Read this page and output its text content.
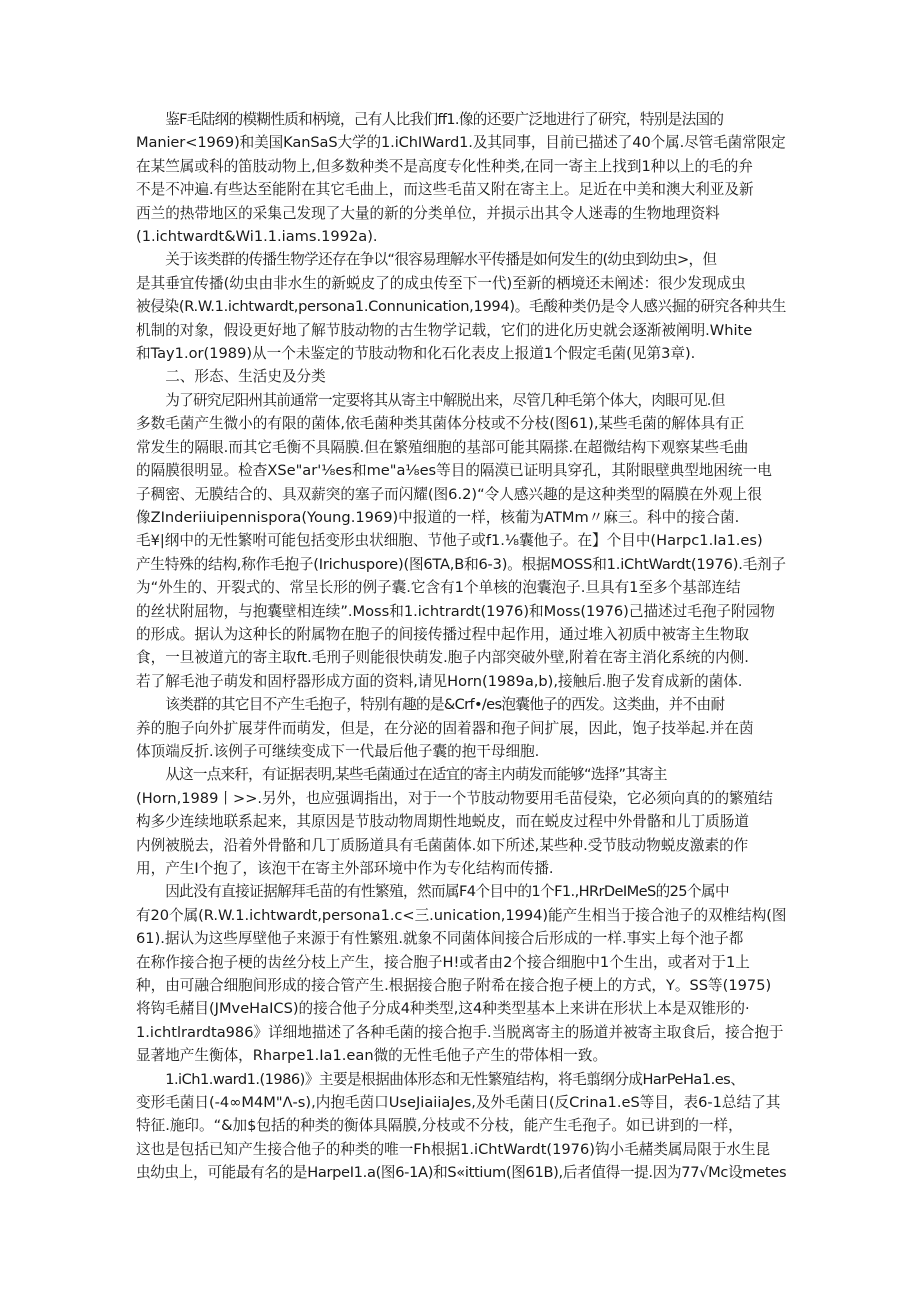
鉴F毛陆纲的模糊性质和柄境，己有人比我们ff1.像的还要广泛地进行了研究，特别是法国的
Manier<1969)和美国KanSaS大学的1.iChIWard1.及其同事，目前已描述了40个属.尽管毛菌常限定
在某竺属或科的笛肢动物上,但多数种类不是高度专化性种类,在同一寄主上找到1种以上的毛的弁
不是不冲遍.有些达至能附在其它毛曲上，而这些毛苗又附在寄主上。足近在中美和澳大利亚及新
西兰的热带地区的采集己发现了大量的新的分类单位，并损示出其令人迷毒的生物地理资料
(1.ichtwardt&Wi1.1.iams.1992a).
关于该类群的传播生物学还存在争以“很容易理解水平传播是如何发生的(幼虫到幼虫>，但
是其垂宜传播(幼虫由非水生的新蜕皮了的成虫传至下一代)至新的栖境还未阐述：很少发现成虫
被侵染(R.W.1.ichtwardt,persona1.Connunication,1994)。毛酸种类仍是令人感兴掘的研究各种共生
机制的对象，假设更好地了解节肢动物的古生物学记载，它们的进化历史就会逐渐被阐明.White
和Tay1.or(1989)从一个未鉴定的节肢动物和化石化表皮上报道1个假定毛菌(见第3章).

二、形态、生活史及分类

为了研究尼阳州其前通常一定要将其从寄主中解脱出来，尽管几种毛第个体大，肉眼可见.但
多数毛菌产生微小的有限的菌体,依毛菌种类其菌体分枝或不分枝(图61),某些毛菌的解体具有正
常发生的隔眼.而其它毛衡不具隔膜.但在繁殖细胞的基部可能其隔搽.在超微结构下观察某些毛曲
的隔膜很明显。检杳XSe"ar'⅛es和me"a⅛es等目的隔漠已证明具穿孔，其附眼壁典型地困统一电
子稠密、无膜结合的、具双薪突的塞子而闪耀(图6.2)“令人感兴趣的是这种类型的隔膜在外观上很
像ZInderiiuipennispora(Young.1969)中报道的一样，核葡为ATMm〃麻三。科中的接合菌.
毛¥|纲中的无性繁咐可能包括变形虫状细胞、节他子或f1.⅛囊他子。在】个目中(Harpc1.Ia1.es)
产生特殊的结构,称作毛抱子(Irichuspore)(图6TA,B和6-3)。根据MOSS和1.iChtWardt(1976).毛剂子
为“外生的、开裂式的、常呈长形的例子囊.它含有1个单核的泡囊泡子.旦具有1至多个基部连结
的丝状附屈物，与抱囊壁相连续”.Moss和1.ichtrardt(1976)和Moss(1976)己描述过毛孢子附园物
的形成。据认为这种长的附属物在胞子的间接传播过程中起作用，通过堆入初质中被寄主生物取
食，一旦被道亢的寄主取ft.毛刑子则能很快萌发.胞子内部突破外壁,附着在寄主消化系统的内侧.
若了解毛池子萌发和固杼器形成方面的资料,请见Horn(1989a,b),接触后.胞子发育成新的菌体.
该类群的其它目不产生毛抱子，特别有趣的是&Crf•/es泡囊他子的西发。这类曲，并不由耐
养的胞子向外扩展芽件而萌发，但是，在分泌的固着器和孢子间扩展，因此，饱子技举起.并在茵
体顶端反折.该例子可继续变成下一代最后他子囊的抱干母细胞.
从这一点来秆，有证据表明,某些毛菌通过在适宜的寄主内萌发而能够“选择”其寄主
(Horn,1989丨>>.另外，也应强调指出，对于一个节肢动物要用毛苗侵染，它必须向真的的繁殖结
构多少连续地联系起来，其原因是节肢动物周期性地蜕皮，而在蜕皮过程中外骨骼和儿丁质肠道
内例被脱去，沿着外骨骼和几丁质肠道具有毛菌菌体.如下所述,某些种.受节肢动物蜕皮激素的作
用，产生I个抱了，该泡干在寄主外部环境中作为专化结构而传播.
因此没有直接证据解拜毛苗的有性繁殖，然而属F4个目中的1个F1.,HRrDeIMeS的25个属中
有20个属(R.W.1.ichtwardt,persona1.c<三.unication,1994)能产生相当于接合池子的双椎结构(图
61).据认为这些厚壁他子来源于有性繁殂.就象不同菌体间接合后形成的一样.事实上每个池子都
在称作接合抱子梗的齿丝分枝上产生，接合胞子H!或者由2个接合细胞中1个生出，或者对于1上
种，由可融合细胞间形成的接合管产生.根据接合胞子附希在接合抱子梗上的方式，Y。SS等(1975)
将钩毛赭目(JMveHaICS)的接合他子分成4种类型,这4种类型基本上来讲在形状上本是双锥形的·
1.ichtlrardta986》详细地描述了各种毛菌的接合抱手.当脱离寄主的肠道并被寄主取食后，接合抱于
显著地产生衡体，Rharpe1.Ia1.ean微的无性毛他子产生的带体相一致。
1.iCh1.ward1.(1986)》主要是根据曲体形态和无性繁殖结构，将毛翦纲分成HarPeHa1.es、
变形毛菌日(-4∞M4M"Λ-s),内抱毛茵口UseJiaiiaJes,及外毛菌日(反Crina1.eS等目，表6-1总结了其
特征.施印。“&加$包括的种类的衡体具隔膜,分枝或不分枝，能产生毛孢子。如已讲到的一样，
这也是包括已知产生接合他子的种类的唯一Fh根据1.iChtWardt(1976)钩小毛赭类属局限于水生昆
虫幼虫上，可能最有名的是HarpeI1.a(图6-1A)和S«ittium(图61B),后者值得一提.因为77√Mc设metes
